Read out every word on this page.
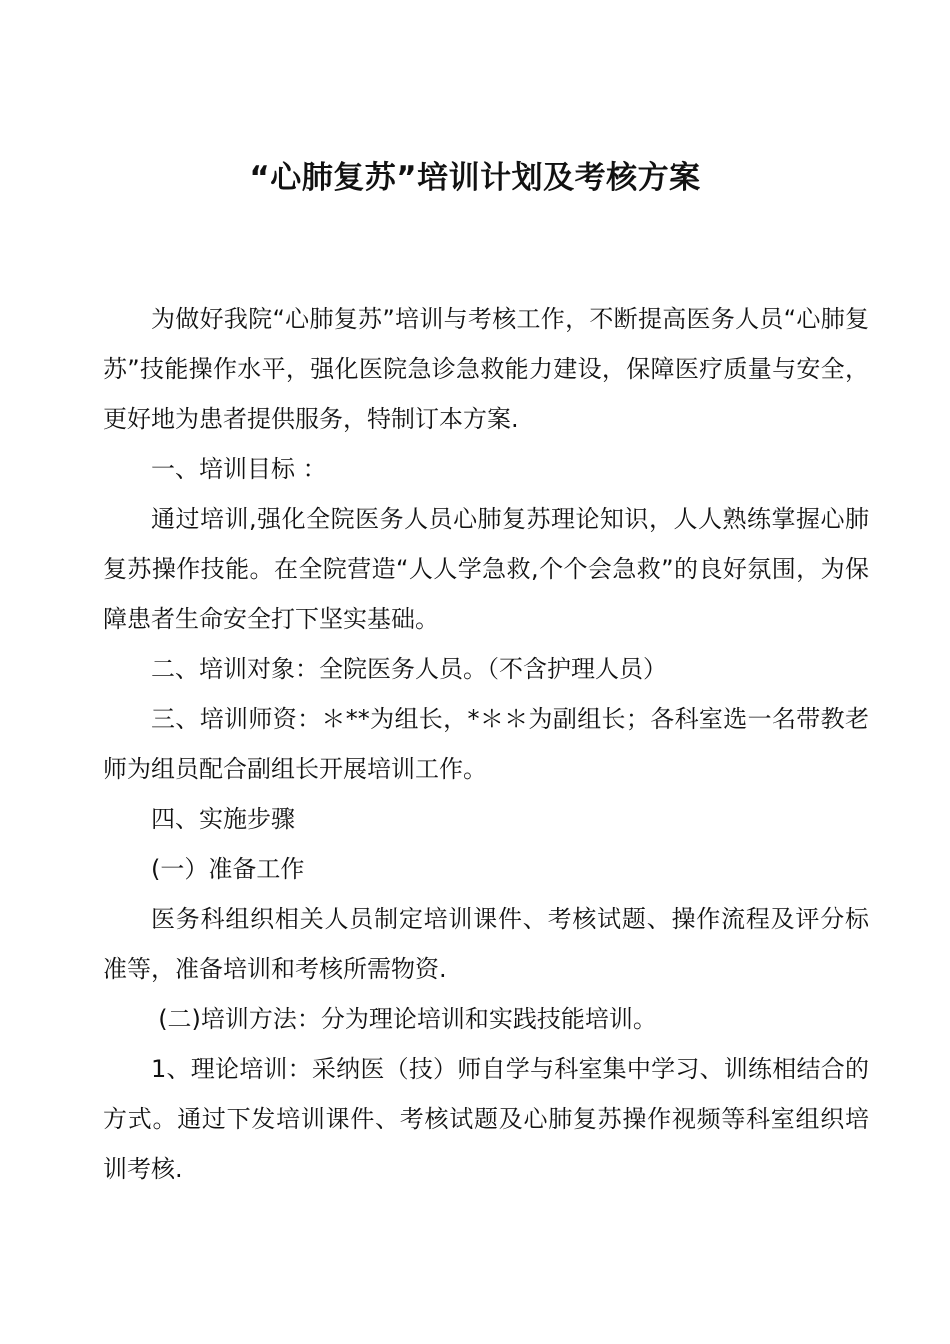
“心肺复苏”培训计划及考核方案

为做好我院“心肺复苏”培训与考核工作，不断提高医务人员“心肺复苏”技能操作水平，强化医院急诊急救能力建设，保障医疗质量与安全，更好地为患者提供服务，特制订本方案.

一、培训目标 ：

通过培训,强化全院医务人员心肺复苏理论知识，人人熟练掌握心肺复苏操作技能。在全院营造“人人学急救,个个会急救”的良好氛围，为保障患者生命安全打下坚实基础。

二、培训对象：全院医务人员。（不含护理人员）

三、培训师资：＊**为组长，*＊＊为副组长；各科室选一名带教老师为组员配合副组长开展培训工作。

四、实施步骤

(一）准备工作

医务科组织相关人员制定培训课件、考核试题、操作流程及评分标准等，准备培训和考核所需物资.

(二)培训方法：分为理论培训和实践技能培训。

1、理论培训：采纳医（技）师自学与科室集中学习、训练相结合的方式。通过下发培训课件、考核试题及心肺复苏操作视频等科室组织培训考核.
